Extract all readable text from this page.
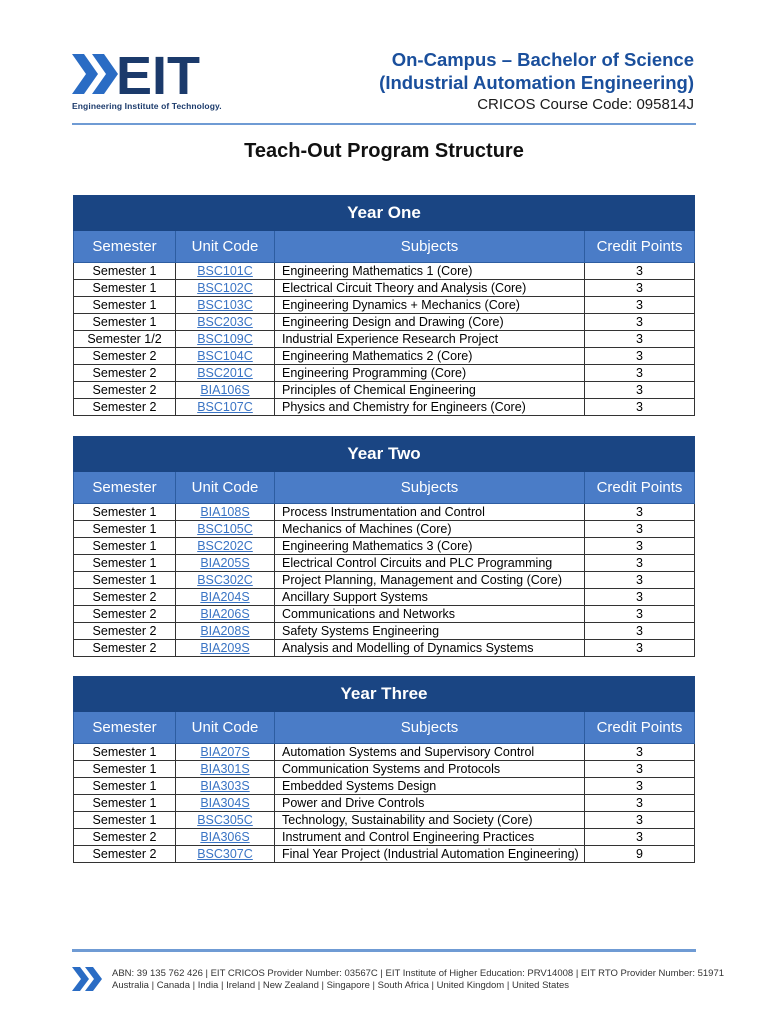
EIT
Engineering Institute of Technology.
On-Campus – Bachelor of Science
(Industrial Automation Engineering)
CRICOS Course Code: 095814J
Teach-Out Program Structure
Year One			
Semester	Unit Code	Subjects	Credit Points
Semester 1	BSC101C	Engineering Mathematics 1 (Core)	3
Semester 1	BSC102C	Electrical Circuit Theory and Analysis (Core)	3
Semester 1	BSC103C	Engineering Dynamics + Mechanics (Core)	3
Semester 1	BSC203C	Engineering Design and Drawing (Core)	3
Semester 1/2	BSC109C	Industrial Experience Research Project	3
Semester 2	BSC104C	Engineering Mathematics 2 (Core)	3
Semester 2	BSC201C	Engineering Programming (Core)	3
Semester 2	BIA106S	Principles of Chemical Engineering	3
Semester 2	BSC107C	Physics and Chemistry for Engineers (Core)	3
Year Two			
Semester	Unit Code	Subjects	Credit Points
Semester 1	BIA108S	Process Instrumentation and Control	3
Semester 1	BSC105C	Mechanics of Machines (Core)	3
Semester 1	BSC202C	Engineering Mathematics 3 (Core)	3
Semester 1	BIA205S	Electrical Control Circuits and PLC Programming	3
Semester 1	BSC302C	Project Planning, Management and Costing (Core)	3
Semester 2	BIA204S	Ancillary Support Systems	3
Semester 2	BIA206S	Communications and Networks	3
Semester 2	BIA208S	Safety Systems Engineering	3
Semester 2	BIA209S	Analysis and Modelling of Dynamics Systems	3
Year Three			
Semester	Unit Code	Subjects	Credit Points
Semester 1	BIA207S	Automation Systems and Supervisory Control	3
Semester 1	BIA301S	Communication Systems and Protocols	3
Semester 1	BIA303S	Embedded Systems Design	3
Semester 1	BIA304S	Power and Drive Controls	3
Semester 1	BSC305C	Technology, Sustainability and Society (Core)	3
Semester 2	BIA306S	Instrument and Control Engineering Practices	3
Semester 2	BSC307C	Final Year Project (Industrial Automation Engineering)	9
ABN: 39 135 762 426 | EIT CRICOS Provider Number: 03567C | EIT Institute of Higher Education: PRV14008 | EIT RTO Provider Number: 51971
Australia | Canada | India | Ireland | New Zealand | Singapore | South Africa | United Kingdom | United States
